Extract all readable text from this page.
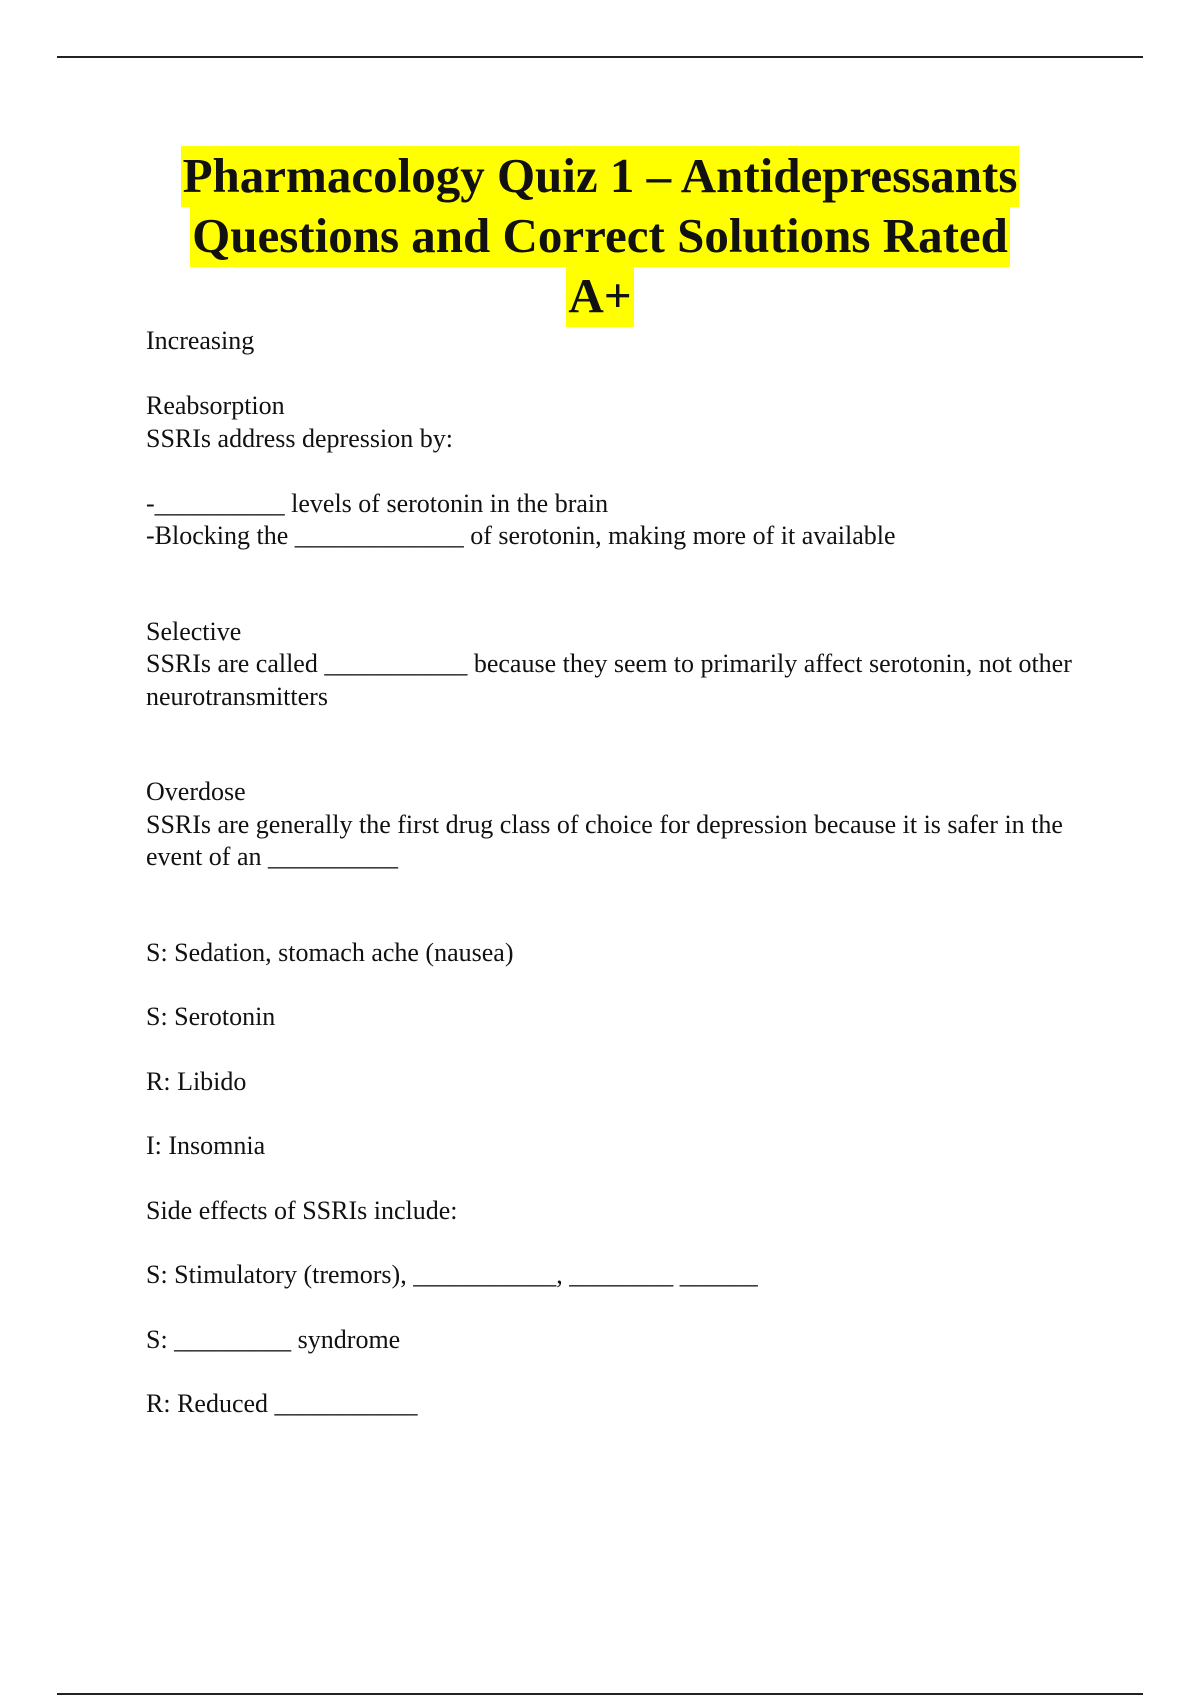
Pharmacology Quiz 1 – Antidepressants
Questions and Correct Solutions Rated
A+
Increasing
Reabsorption
SSRIs address depression by:
-__________ levels of serotonin in the brain
-Blocking the _____________ of serotonin, making more of it available
Selective
SSRIs are called ___________ because they seem to primarily affect serotonin, not other neurotransmitters
Overdose
SSRIs are generally the first drug class of choice for depression because it is safer in the event of an __________
S: Sedation, stomach ache (nausea)
S: Serotonin
R: Libido
I: Insomnia
Side effects of SSRIs include:
S: Stimulatory (tremors), ___________, ________ ______
S: _________ syndrome
R: Reduced ___________
